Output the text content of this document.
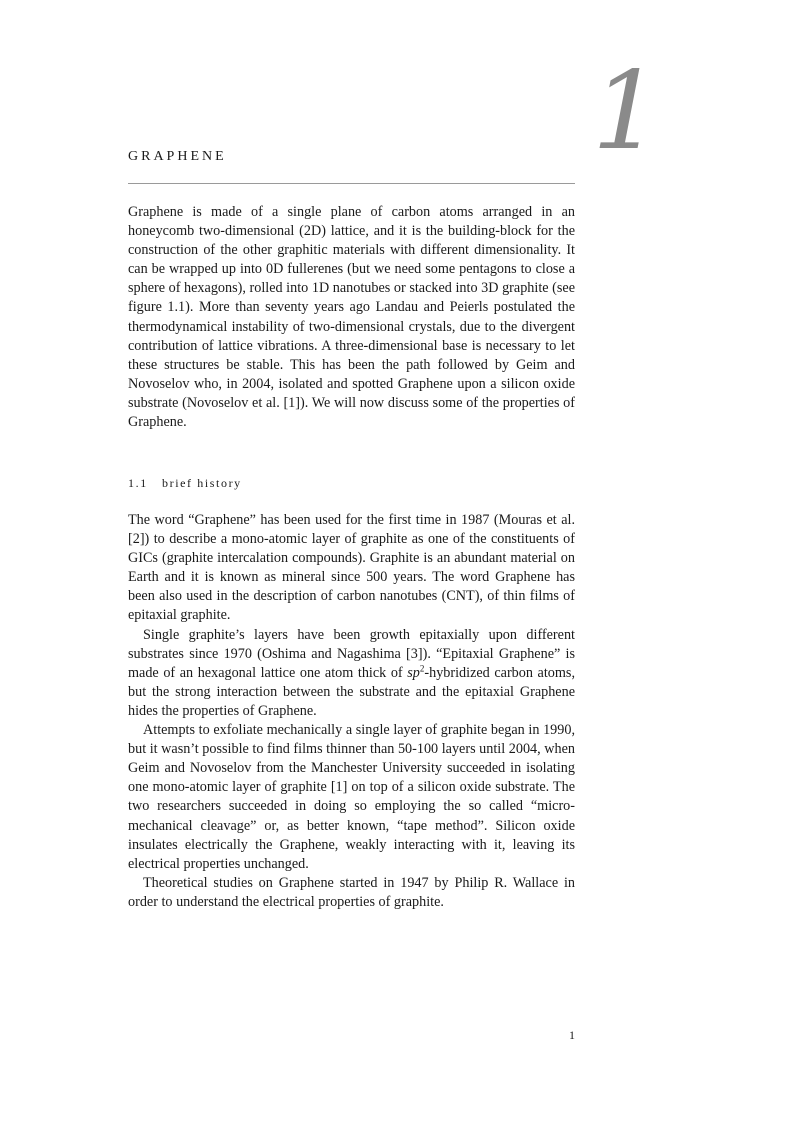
1
GRAPHENE

Graphene is made of a single plane of carbon atoms arranged in an honeycomb two-dimensional (2D) lattice, and it is the building-block for the construction of the other graphitic materials with different dimensionality. It can be wrapped up into 0D fullerenes (but we need some pentagons to close a sphere of hexagons), rolled into 1D nanotubes or stacked into 3D graphite (see figure 1.1). More than seventy years ago Landau and Peierls postulated the thermodynamical instability of two-dimensional crystals, due to the divergent contribution of lattice vibrations. A three-dimensional base is necessary to let these structures be stable. This has been the path followed by Geim and Novoselov who, in 2004, isolated and spotted Graphene upon a silicon oxide substrate (Novoselov et al. [1]). We will now discuss some of the properties of Graphene.

1.1 brief history

The word “Graphene” has been used for the first time in 1987 (Mouras et al. [2]) to describe a mono-atomic layer of graphite as one of the constituents of GICs (graphite intercalation compounds). Graphite is an abundant material on Earth and it is known as mineral since 500 years. The word Graphene has been also used in the description of carbon nanotubes (CNT), of thin films of epitaxial graphite.

Single graphite’s layers have been growth epitaxially upon different substrates since 1970 (Oshima and Nagashima [3]). “Epitaxial Graphene” is made of an hexagonal lattice one atom thick of $sp^2$-hybridized carbon atoms, but the strong interaction between the substrate and the epitaxial Graphene hides the properties of Graphene.

Attempts to exfoliate mechanically a single layer of graphite began in 1990, but it wasn’t possible to find films thinner than 50-100 layers until 2004, when Geim and Novoselov from the Manchester University succeeded in isolating one mono-atomic layer of graphite [1] on top of a silicon oxide substrate. The two researchers succeeded in doing so employing the so called “micro-mechanical cleavage” or, as better known, “tape method”. Silicon oxide insulates electrically the Graphene, weakly interacting with it, leaving its electrical properties unchanged.

Theoretical studies on Graphene started in 1947 by Philip R. Wallace in order to understand the electrical properties of graphite.

1
